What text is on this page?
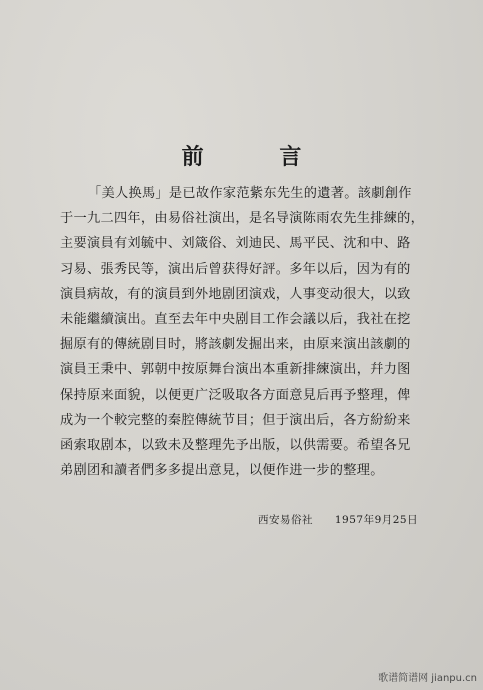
前 言
「美人换馬」是已故作家范紫东先生的遺著。該劇創作
于一九二四年，由易俗社演出，是名导演陈雨农先生排練的，
主要演員有刘毓中、刘箴俗、刘迪民、馬平民、沈和中、路
习易、張秀民等，演出后曾获得好評。多年以后，因为有的
演員病故，有的演員到外地剧团演戏，人事变动很大，以致
未能繼續演出。直至去年中央剧目工作会議以后，我社在挖
掘原有的傳統剧目时，將該劇发掘出来，由原来演出該劇的
演員王秉中、郭朝中按原舞台演出本重新排練演出，幷力图
保持原来面貌，以便更广泛吸取各方面意見后再予整理，俾
成为一个較完整的秦腔傳統节目；但于演出后，各方紛紛来
函索取剧本，以致未及整理先予出版，以供需要。希望各兄
弟剧团和讀者們多多提出意見，以便作进一步的整理。
西安易俗社 1957年9月25日
歌谱简谱网 jianpu.cn
